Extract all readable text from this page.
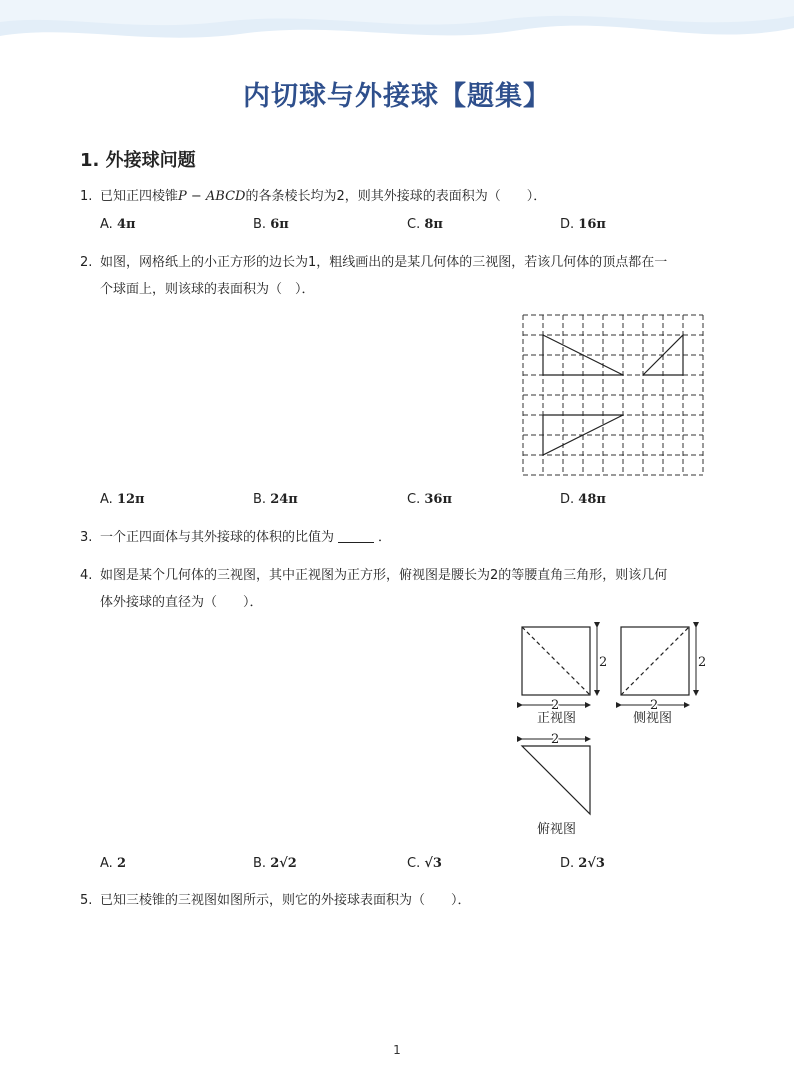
内切球与外接球【题集】
1. 外接球问题
1. 已知正四棱锥P − ABCD的各条棱长均为2，则其外接球的表面积为（　　）．
A. 4π	B. 6π	C. 8π	D. 16π
2. 如图，网格纸上的小正方形的边长为1，粗线画出的是某几何体的三视图，若该几何体的顶点都在一
个球面上，则该球的表面积为（　）．
A. 12π	B. 24π	C. 36π	D. 48π
3. 一个正四面体与其外接球的体积的比值为	．
4. 如图是某个几何体的三视图，其中正视图为正方形，俯视图是腰长为2的等腰直角三角形，则该几何
体外接球的直径为（　　）．
2
2
正视图
2
2
侧视图
2
俯视图
A. 2	B. 2√2	C. √3	D. 2√3
5. 已知三棱锥的三视图如图所示，则它的外接球表面积为（　　）．
1
